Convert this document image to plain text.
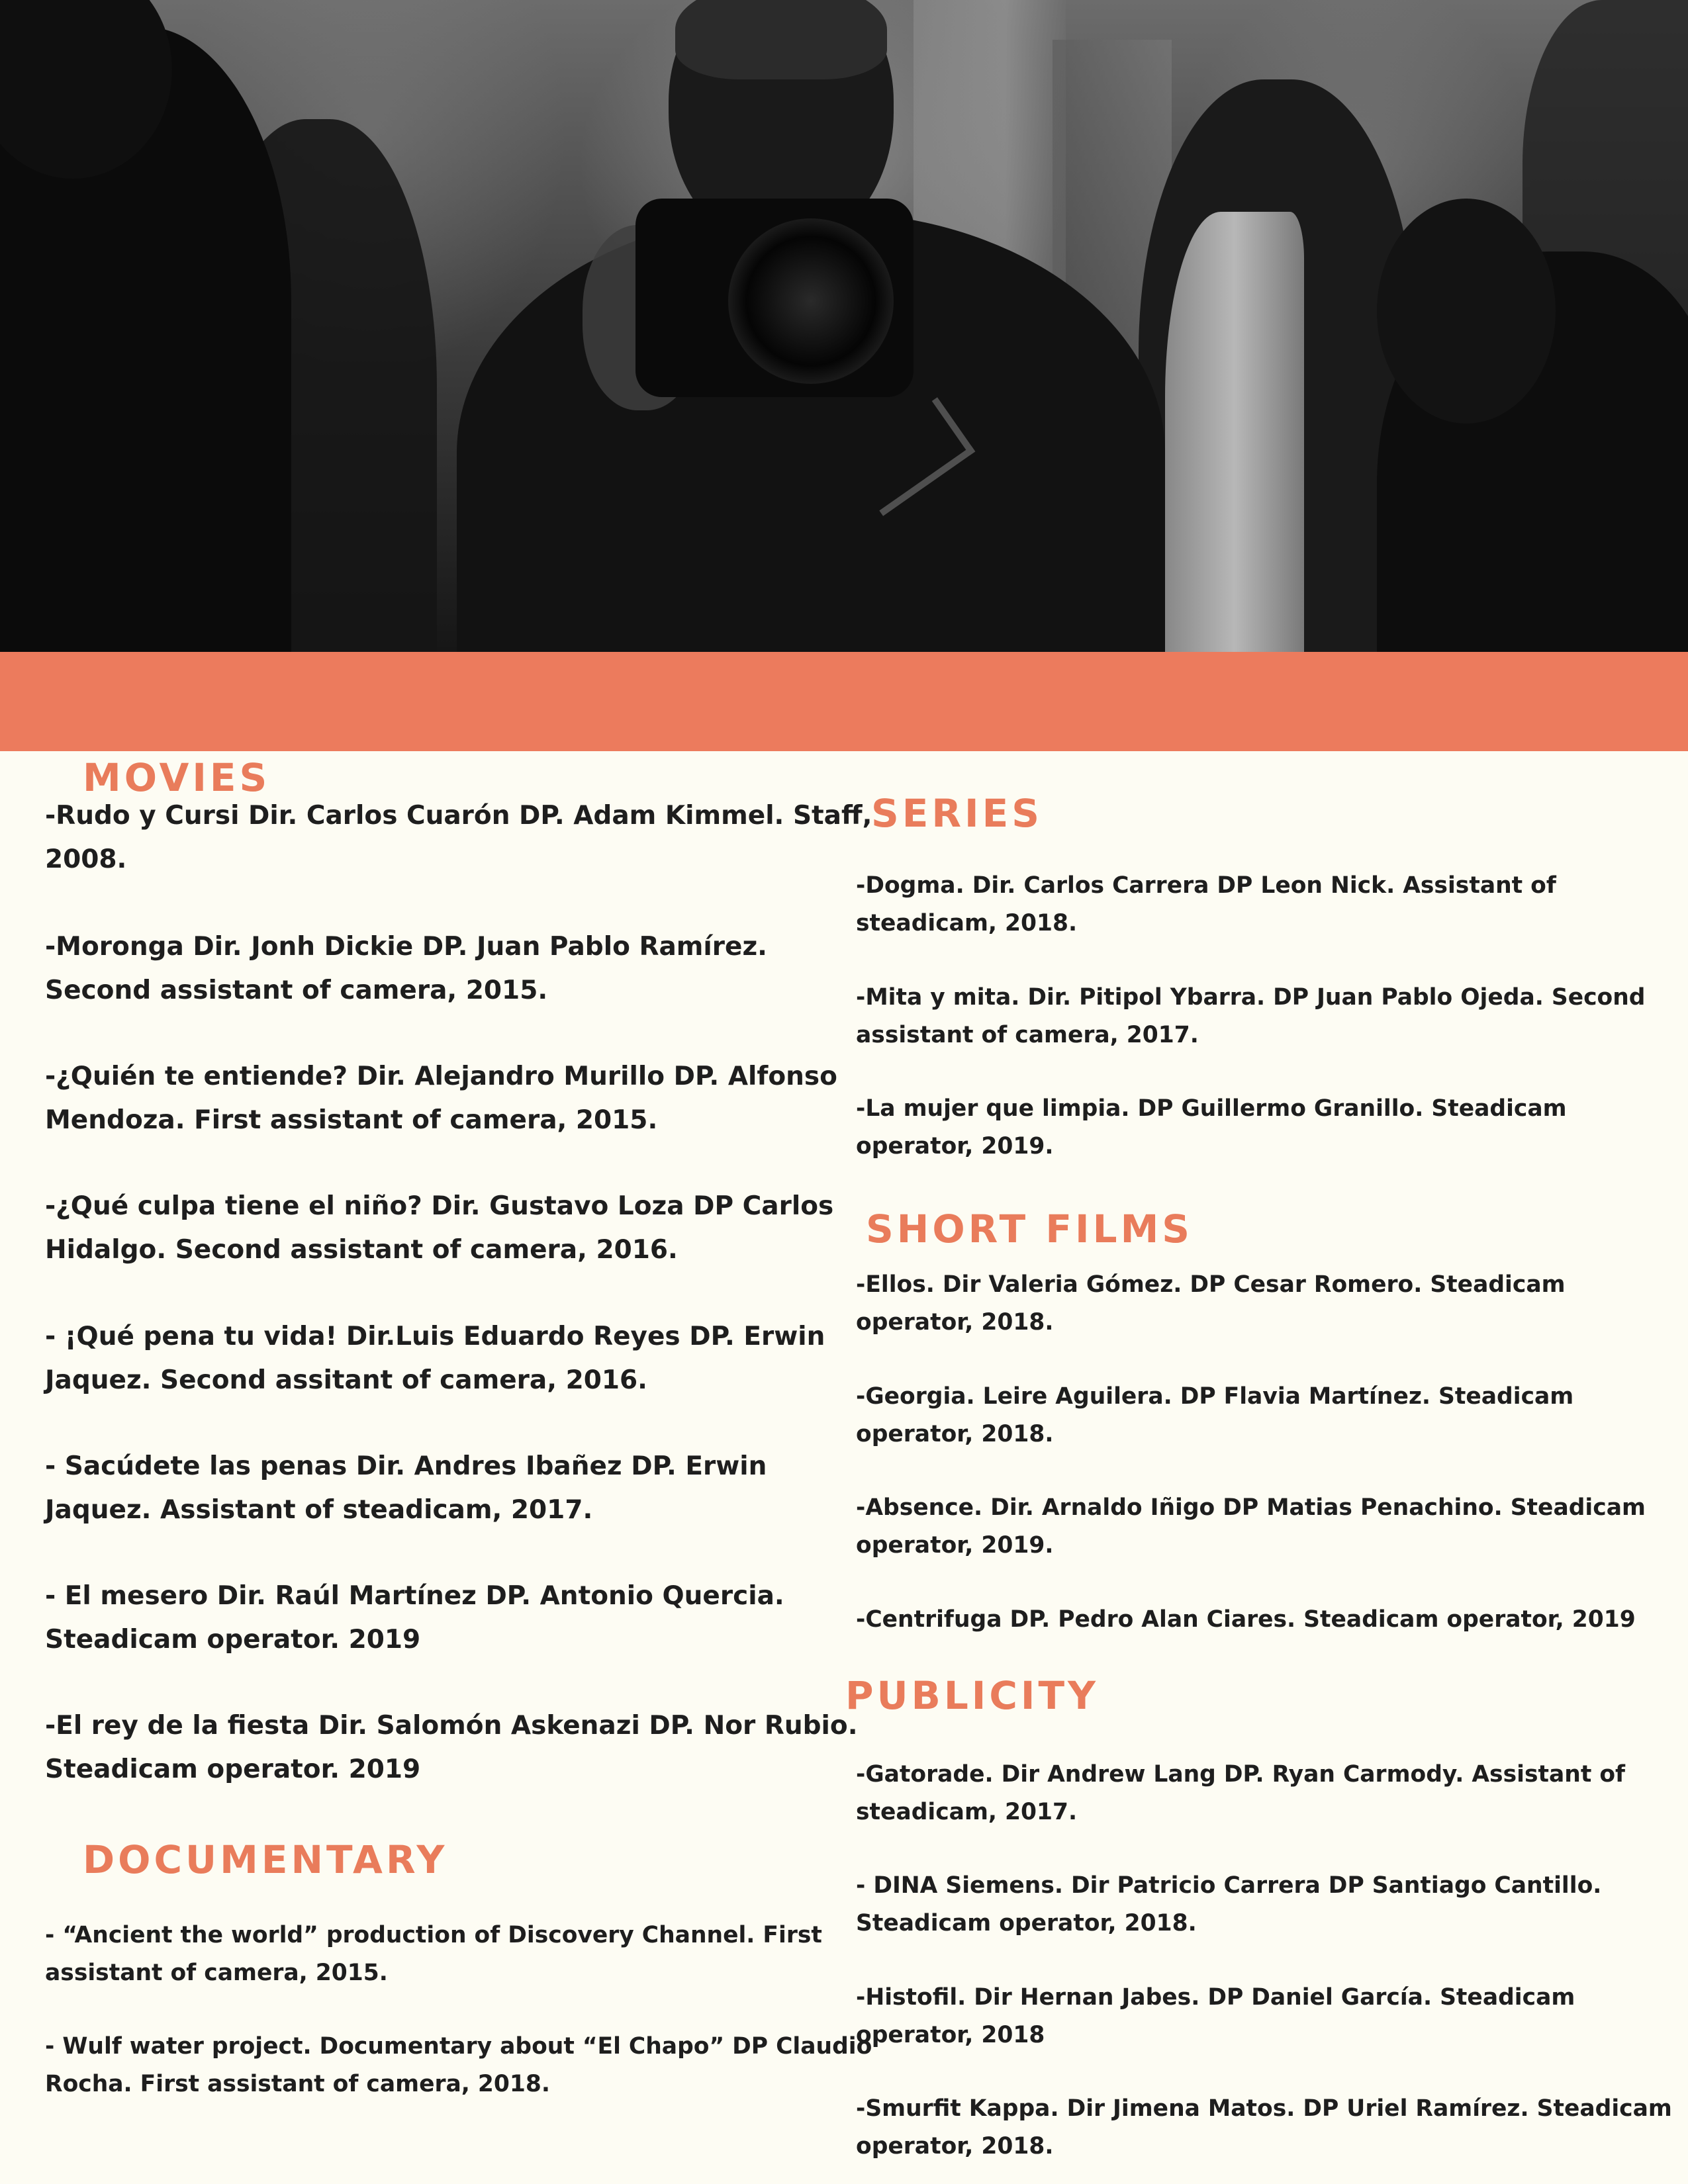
MOVIES

-Rudo y Cursi Dir. Carlos Cuarón DP. Adam Kimmel. Staff, 2008.

-Moronga Dir. Jonh Dickie DP. Juan Pablo Ramírez. Second assistant of camera, 2015.

-¿Quién te entiende? Dir. Alejandro Murillo DP. Alfonso Mendoza. First assistant of camera, 2015.

-¿Qué culpa tiene el niño? Dir. Gustavo Loza DP Carlos Hidalgo. Second assistant of camera, 2016.

- ¡Qué pena tu vida! Dir.Luis Eduardo Reyes DP. Erwin Jaquez. Second assitant of camera, 2016.

- Sacúdete las penas Dir. Andres Ibañez DP. Erwin Jaquez. Assistant of steadicam, 2017.

- El mesero Dir. Raúl Martínez DP. Antonio Quercia. Steadicam operator. 2019

-El rey de la fiesta Dir. Salomón Askenazi DP. Nor Rubio. Steadicam operator. 2019

DOCUMENTARY

- “Ancient the world” production of Discovery Channel. First assistant of camera, 2015.

- Wulf water project. Documentary about “El Chapo” DP Claudio Rocha. First assistant of camera, 2018.

SERIES

-Dogma. Dir. Carlos Carrera DP Leon Nick. Assistant of steadicam, 2018.

-Mita y mita. Dir. Pitipol Ybarra. DP Juan Pablo Ojeda. Second assistant of camera, 2017.

-La mujer que limpia. DP Guillermo Granillo. Steadicam operator, 2019.

SHORT FILMS

-Ellos. Dir Valeria Gómez. DP Cesar Romero. Steadicam operator, 2018.

-Georgia. Leire Aguilera. DP Flavia Martínez. Steadicam operator, 2018.

-Absence. Dir. Arnaldo Iñigo DP Matias Penachino. Steadicam operator, 2019.

-Centrifuga DP. Pedro Alan Ciares. Steadicam operator, 2019

PUBLICITY

-Gatorade. Dir Andrew Lang DP. Ryan Carmody. Assistant of steadicam, 2017.

- DINA Siemens. Dir Patricio Carrera DP Santiago Cantillo. Steadicam operator, 2018.

-Histofil. Dir Hernan Jabes. DP Daniel García. Steadicam operator, 2018

-Smurfit Kappa. Dir Jimena Matos. DP Uriel Ramírez. Steadicam operator, 2018.
